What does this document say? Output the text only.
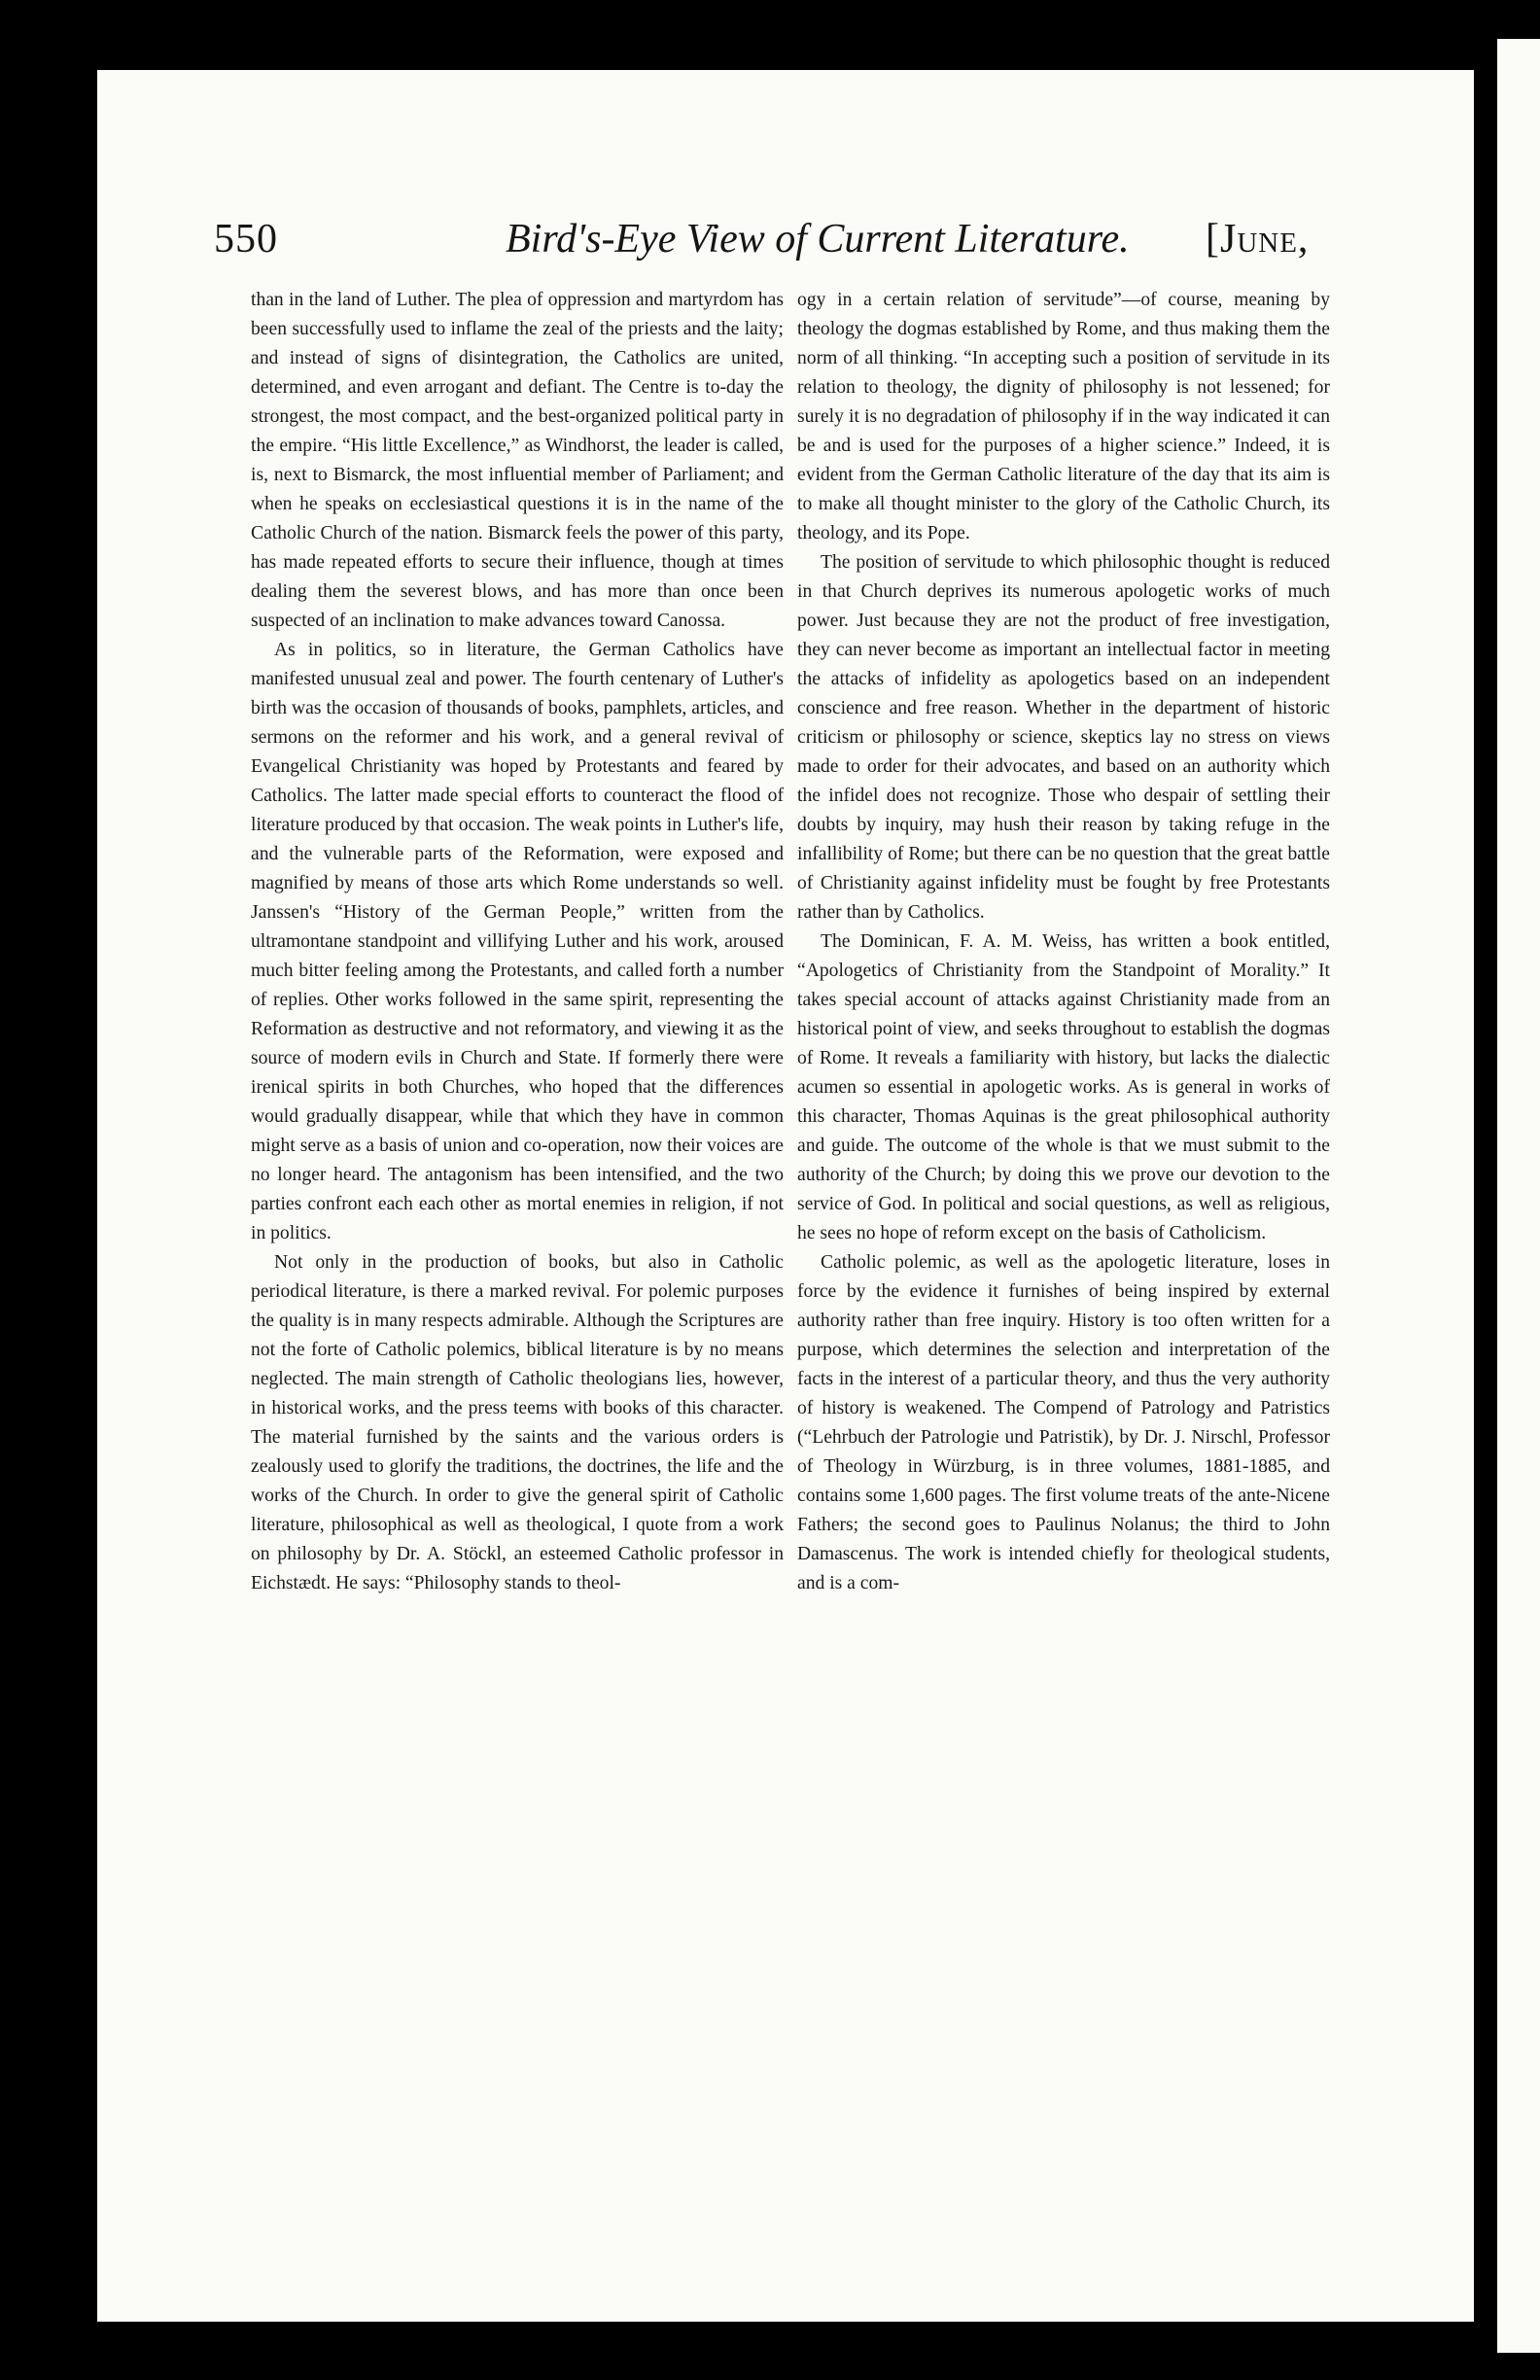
550	Bird's-Eye View of Current Literature. [June,

than in the land of Luther. The plea of oppression and martyrdom has been successfully used to inflame the zeal of the priests and the laity; and instead of signs of disintegration, the Catholics are united, determined, and even arrogant and defiant. The Centre is to-day the strongest, the most compact, and the best-organized political party in the empire. “His little Excellence,” as Windhorst, the leader is called, is, next to Bismarck, the most influential member of Parliament; and when he speaks on ecclesiastical questions it is in the name of the Catholic Church of the nation. Bismarck feels the power of this party, has made repeated efforts to secure their influence, though at times dealing them the severest blows, and has more than once been suspected of an inclination to make advances toward Canossa.

As in politics, so in literature, the German Catholics have manifested unusual zeal and power. The fourth centenary of Luther's birth was the occasion of thousands of books, pamphlets, articles, and sermons on the reformer and his work, and a general revival of Evangelical Christianity was hoped by Protestants and feared by Catholics. The latter made special efforts to counteract the flood of literature produced by that occasion. The weak points in Luther's life, and the vulnerable parts of the Reformation, were exposed and magnified by means of those arts which Rome understands so well. Janssen's “History of the German People,” written from the ultramontane standpoint and villifying Luther and his work, aroused much bitter feeling among the Protestants, and called forth a number of replies. Other works followed in the same spirit, representing the Reformation as destructive and not reformatory, and viewing it as the source of modern evils in Church and State. If formerly there were irenical spirits in both Churches, who hoped that the differences would gradually disappear, while that which they have in common might serve as a basis of union and co-operation, now their voices are no longer heard. The antagonism has been intensified, and the two parties confront each each other as mortal enemies in religion, if not in politics.

Not only in the production of books, but also in Catholic periodical literature, is there a marked revival. For polemic purposes the quality is in many respects admirable. Although the Scriptures are not the forte of Catholic polemics, biblical literature is by no means neglected. The main strength of Catholic theologians lies, however, in historical works, and the press teems with books of this character. The material furnished by the saints and the various orders is zealously used to glorify the traditions, the doctrines, the life and the works of the Church. In order to give the general spirit of Catholic literature, philosophical as well as theological, I quote from a work on philosophy by Dr. A. Stöckl, an esteemed Catholic professor in Eichstædt. He says: “Philosophy stands to theol-

ogy in a certain relation of servitude”—of course, meaning by theology the dogmas established by Rome, and thus making them the norm of all thinking. “In accepting such a position of servitude in its relation to theology, the dignity of philosophy is not lessened; for surely it is no degradation of philosophy if in the way indicated it can be and is used for the purposes of a higher science.” Indeed, it is evident from the German Catholic literature of the day that its aim is to make all thought minister to the glory of the Catholic Church, its theology, and its Pope.

The position of servitude to which philosophic thought is reduced in that Church deprives its numerous apologetic works of much power. Just because they are not the product of free investigation, they can never become as important an intellectual factor in meeting the attacks of infidelity as apologetics based on an independent conscience and free reason. Whether in the department of historic criticism or philosophy or science, skeptics lay no stress on views made to order for their advocates, and based on an authority which the infidel does not recognize. Those who despair of settling their doubts by inquiry, may hush their reason by taking refuge in the infallibility of Rome; but there can be no question that the great battle of Christianity against infidelity must be fought by free Protestants rather than by Catholics.

The Dominican, F. A. M. Weiss, has written a book entitled, “Apologetics of Christianity from the Standpoint of Morality.” It takes special account of attacks against Christianity made from an historical point of view, and seeks throughout to establish the dogmas of Rome. It reveals a familiarity with history, but lacks the dialectic acumen so essential in apologetic works. As is general in works of this character, Thomas Aquinas is the great philosophical authority and guide. The outcome of the whole is that we must submit to the authority of the Church; by doing this we prove our devotion to the service of God. In political and social questions, as well as religious, he sees no hope of reform except on the basis of Catholicism.

Catholic polemic, as well as the apologetic literature, loses in force by the evidence it furnishes of being inspired by external authority rather than free inquiry. History is too often written for a purpose, which determines the selection and interpretation of the facts in the interest of a particular theory, and thus the very authority of history is weakened. The Compend of Patrology and Patristics (“Lehrbuch der Patrologie und Patristik), by Dr. J. Nirschl, Professor of Theology in Würzburg, is in three volumes, 1881-1885, and contains some 1,600 pages. The first volume treats of the ante-Nicene Fathers; the second goes to Paulinus Nolanus; the third to John Damascenus. The work is intended chiefly for theological students, and is a com-
